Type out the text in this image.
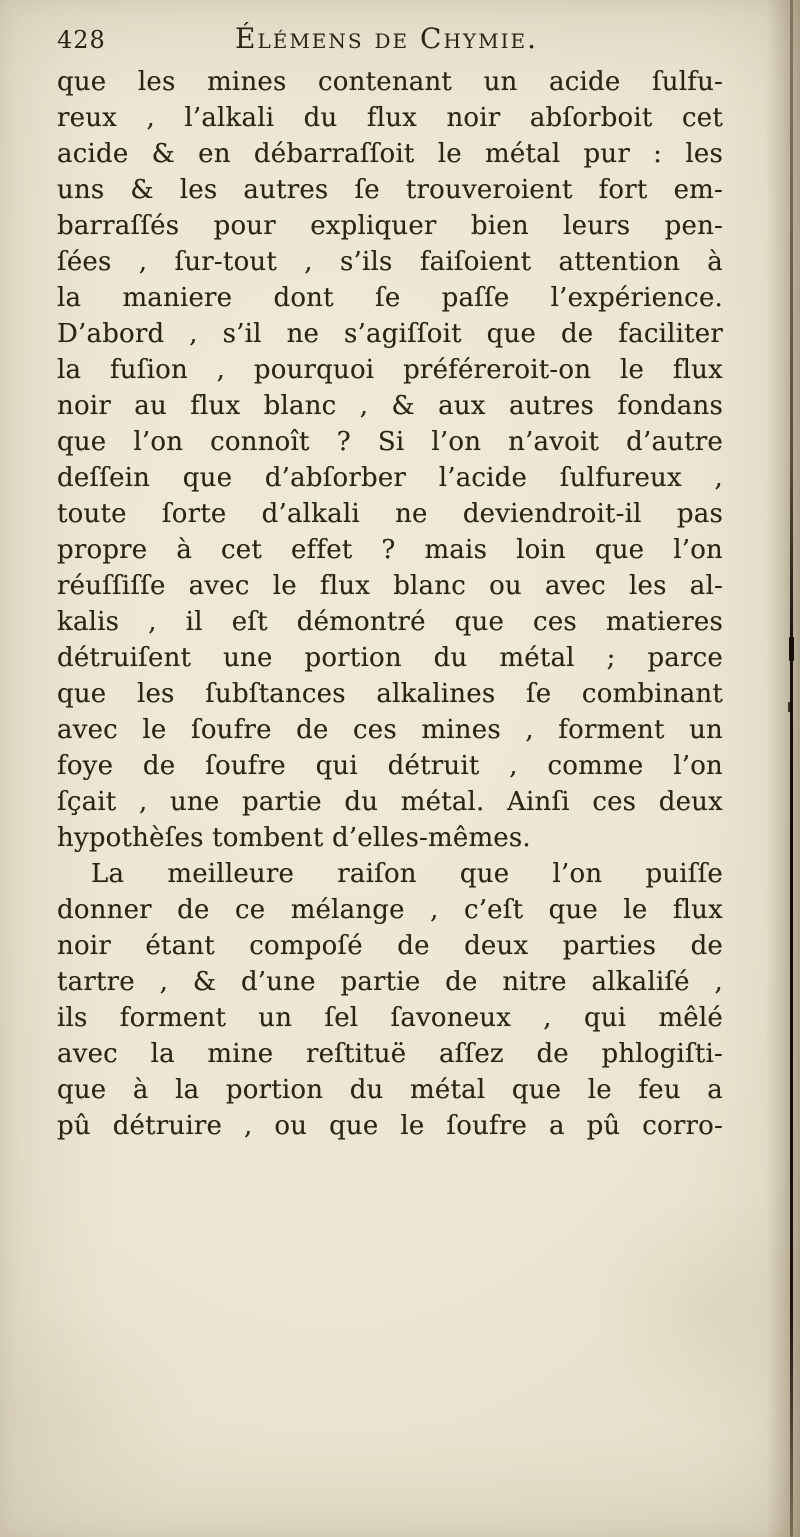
428	Élémens de Chymie.
que les mines contenant un acide ſulfu-
reux , l’alkali du flux noir abſorboit cet
acide & en débarraſſoit le métal pur : les
uns & les autres ſe trouveroient fort em-
barraſſés pour expliquer bien leurs pen-
ſées , ſur-tout , s’ils faiſoient attention à
la maniere dont ſe paſſe l’expérience.
D’abord , s’il ne s’agiſſoit que de faciliter
la fuſion , pourquoi préféreroit-on le flux
noir au flux blanc , & aux autres fondans
que l’on connoît ? Si l’on n’avoit d’autre
deſſein que d’abſorber l’acide ſulfureux ,
toute ſorte d’alkali ne deviendroit-il pas
propre à cet effet ? mais loin que l’on
réuſſiſſe avec le flux blanc ou avec les al-
kalis , il eſt démontré que ces matieres
détruiſent une portion du métal ; parce
que les ſubſtances alkalines ſe combinant
avec le ſoufre de ces mines , forment un
foye de ſoufre qui détruit , comme l’on
ſçait , une partie du métal. Ainſi ces deux
hypothèſes tombent d’elles-mêmes.
La meilleure raiſon que l’on puiſſe
donner de ce mélange , c’eſt que le flux
noir étant compoſé de deux parties de
tartre , & d’une partie de nitre alkaliſé ,
ils forment un ſel ſavoneux , qui mêlé
avec la mine reſtituë aſſez de phlogiſti-
que à la portion du métal que le feu a
pû détruire , ou que le ſoufre a pû corro-
